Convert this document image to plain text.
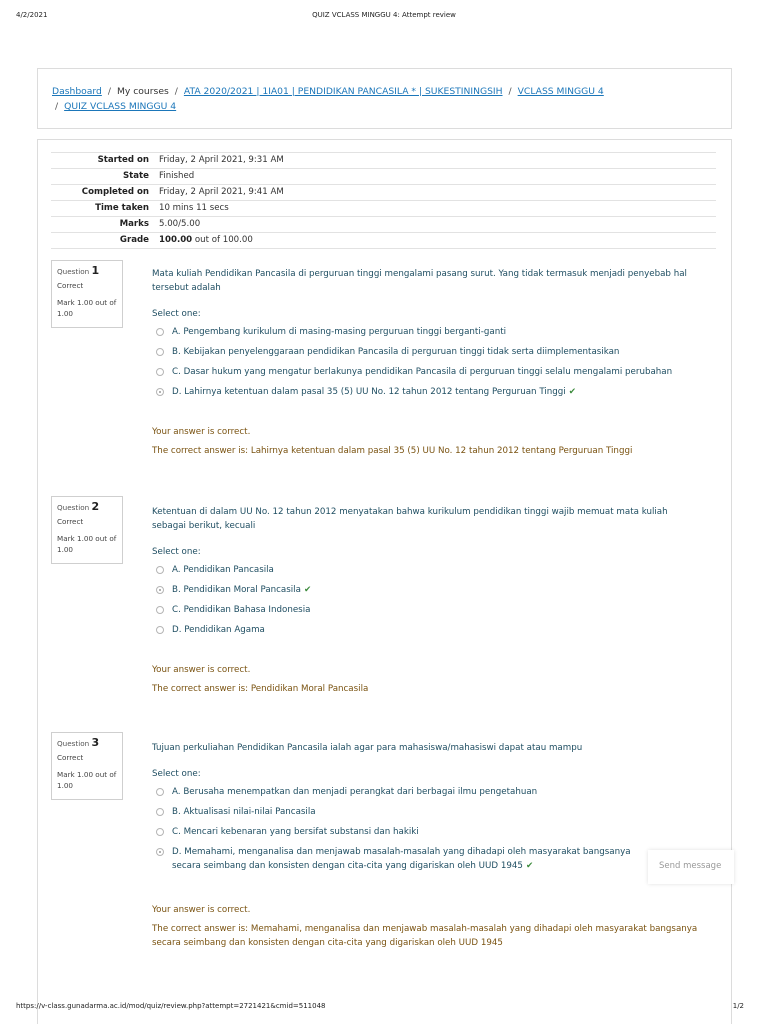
4/2/2021	QUIZ VCLASS MINGGU 4: Attempt review
Dashboard / My courses / ATA 2020/2021 | 1IA01 | PENDIDIKAN PANCASILA * | SUKESTININGSIH / VCLASS MINGGU 4
/ QUIZ VCLASS MINGGU 4
Started on	Friday, 2 April 2021, 9:31 AM
State	Finished
Completed on	Friday, 2 April 2021, 9:41 AM
Time taken	10 mins 11 secs
Marks	5.00/5.00
Grade	100.00 out of 100.00
Question 1
Correct
Mark 1.00 out of 1.00
Mata kuliah Pendidikan Pancasila di perguruan tinggi mengalami pasang surut. Yang tidak termasuk menjadi penyebab hal tersebut adalah
Select one:
A. Pengembang kurikulum di masing-masing perguruan tinggi berganti-ganti
B. Kebijakan penyelenggaraan pendidikan Pancasila di perguruan tinggi tidak serta diimplementasikan
C. Dasar hukum yang mengatur berlakunya pendidikan Pancasila di perguruan tinggi selalu mengalami perubahan
D. Lahirnya ketentuan dalam pasal 35 (5) UU No. 12 tahun 2012 tentang Perguruan Tinggi ✔
Your answer is correct.
The correct answer is: Lahirnya ketentuan dalam pasal 35 (5) UU No. 12 tahun 2012 tentang Perguruan Tinggi
Question 2
Correct
Mark 1.00 out of 1.00
Ketentuan di dalam UU No. 12 tahun 2012 menyatakan bahwa kurikulum pendidikan tinggi wajib memuat mata kuliah sebagai berikut, kecuali
Select one:
A. Pendidikan Pancasila
B. Pendidikan Moral Pancasila ✔
C. Pendidikan Bahasa Indonesia
D. Pendidikan Agama
Your answer is correct.
The correct answer is: Pendidikan Moral Pancasila
Question 3
Correct
Mark 1.00 out of 1.00
Tujuan perkuliahan Pendidikan Pancasila ialah agar para mahasiswa/mahasiswi dapat atau mampu
Select one:
A. Berusaha menempatkan dan menjadi perangkat dari berbagai ilmu pengetahuan
B. Aktualisasi nilai-nilai Pancasila
C. Mencari kebenaran yang bersifat substansi dan hakiki
D. Memahami, menganalisa dan menjawab masalah-masalah yang dihadapi oleh masyarakat bangsanya secara seimbang dan konsisten dengan cita-cita yang digariskan oleh UUD 1945 ✔
Your answer is correct.
The correct answer is: Memahami, menganalisa dan menjawab masalah-masalah yang dihadapi oleh masyarakat bangsanya secara seimbang dan konsisten dengan cita-cita yang digariskan oleh UUD 1945
Send message
https://v-class.gunadarma.ac.id/mod/quiz/review.php?attempt=2721421&cmid=511048	1/2
